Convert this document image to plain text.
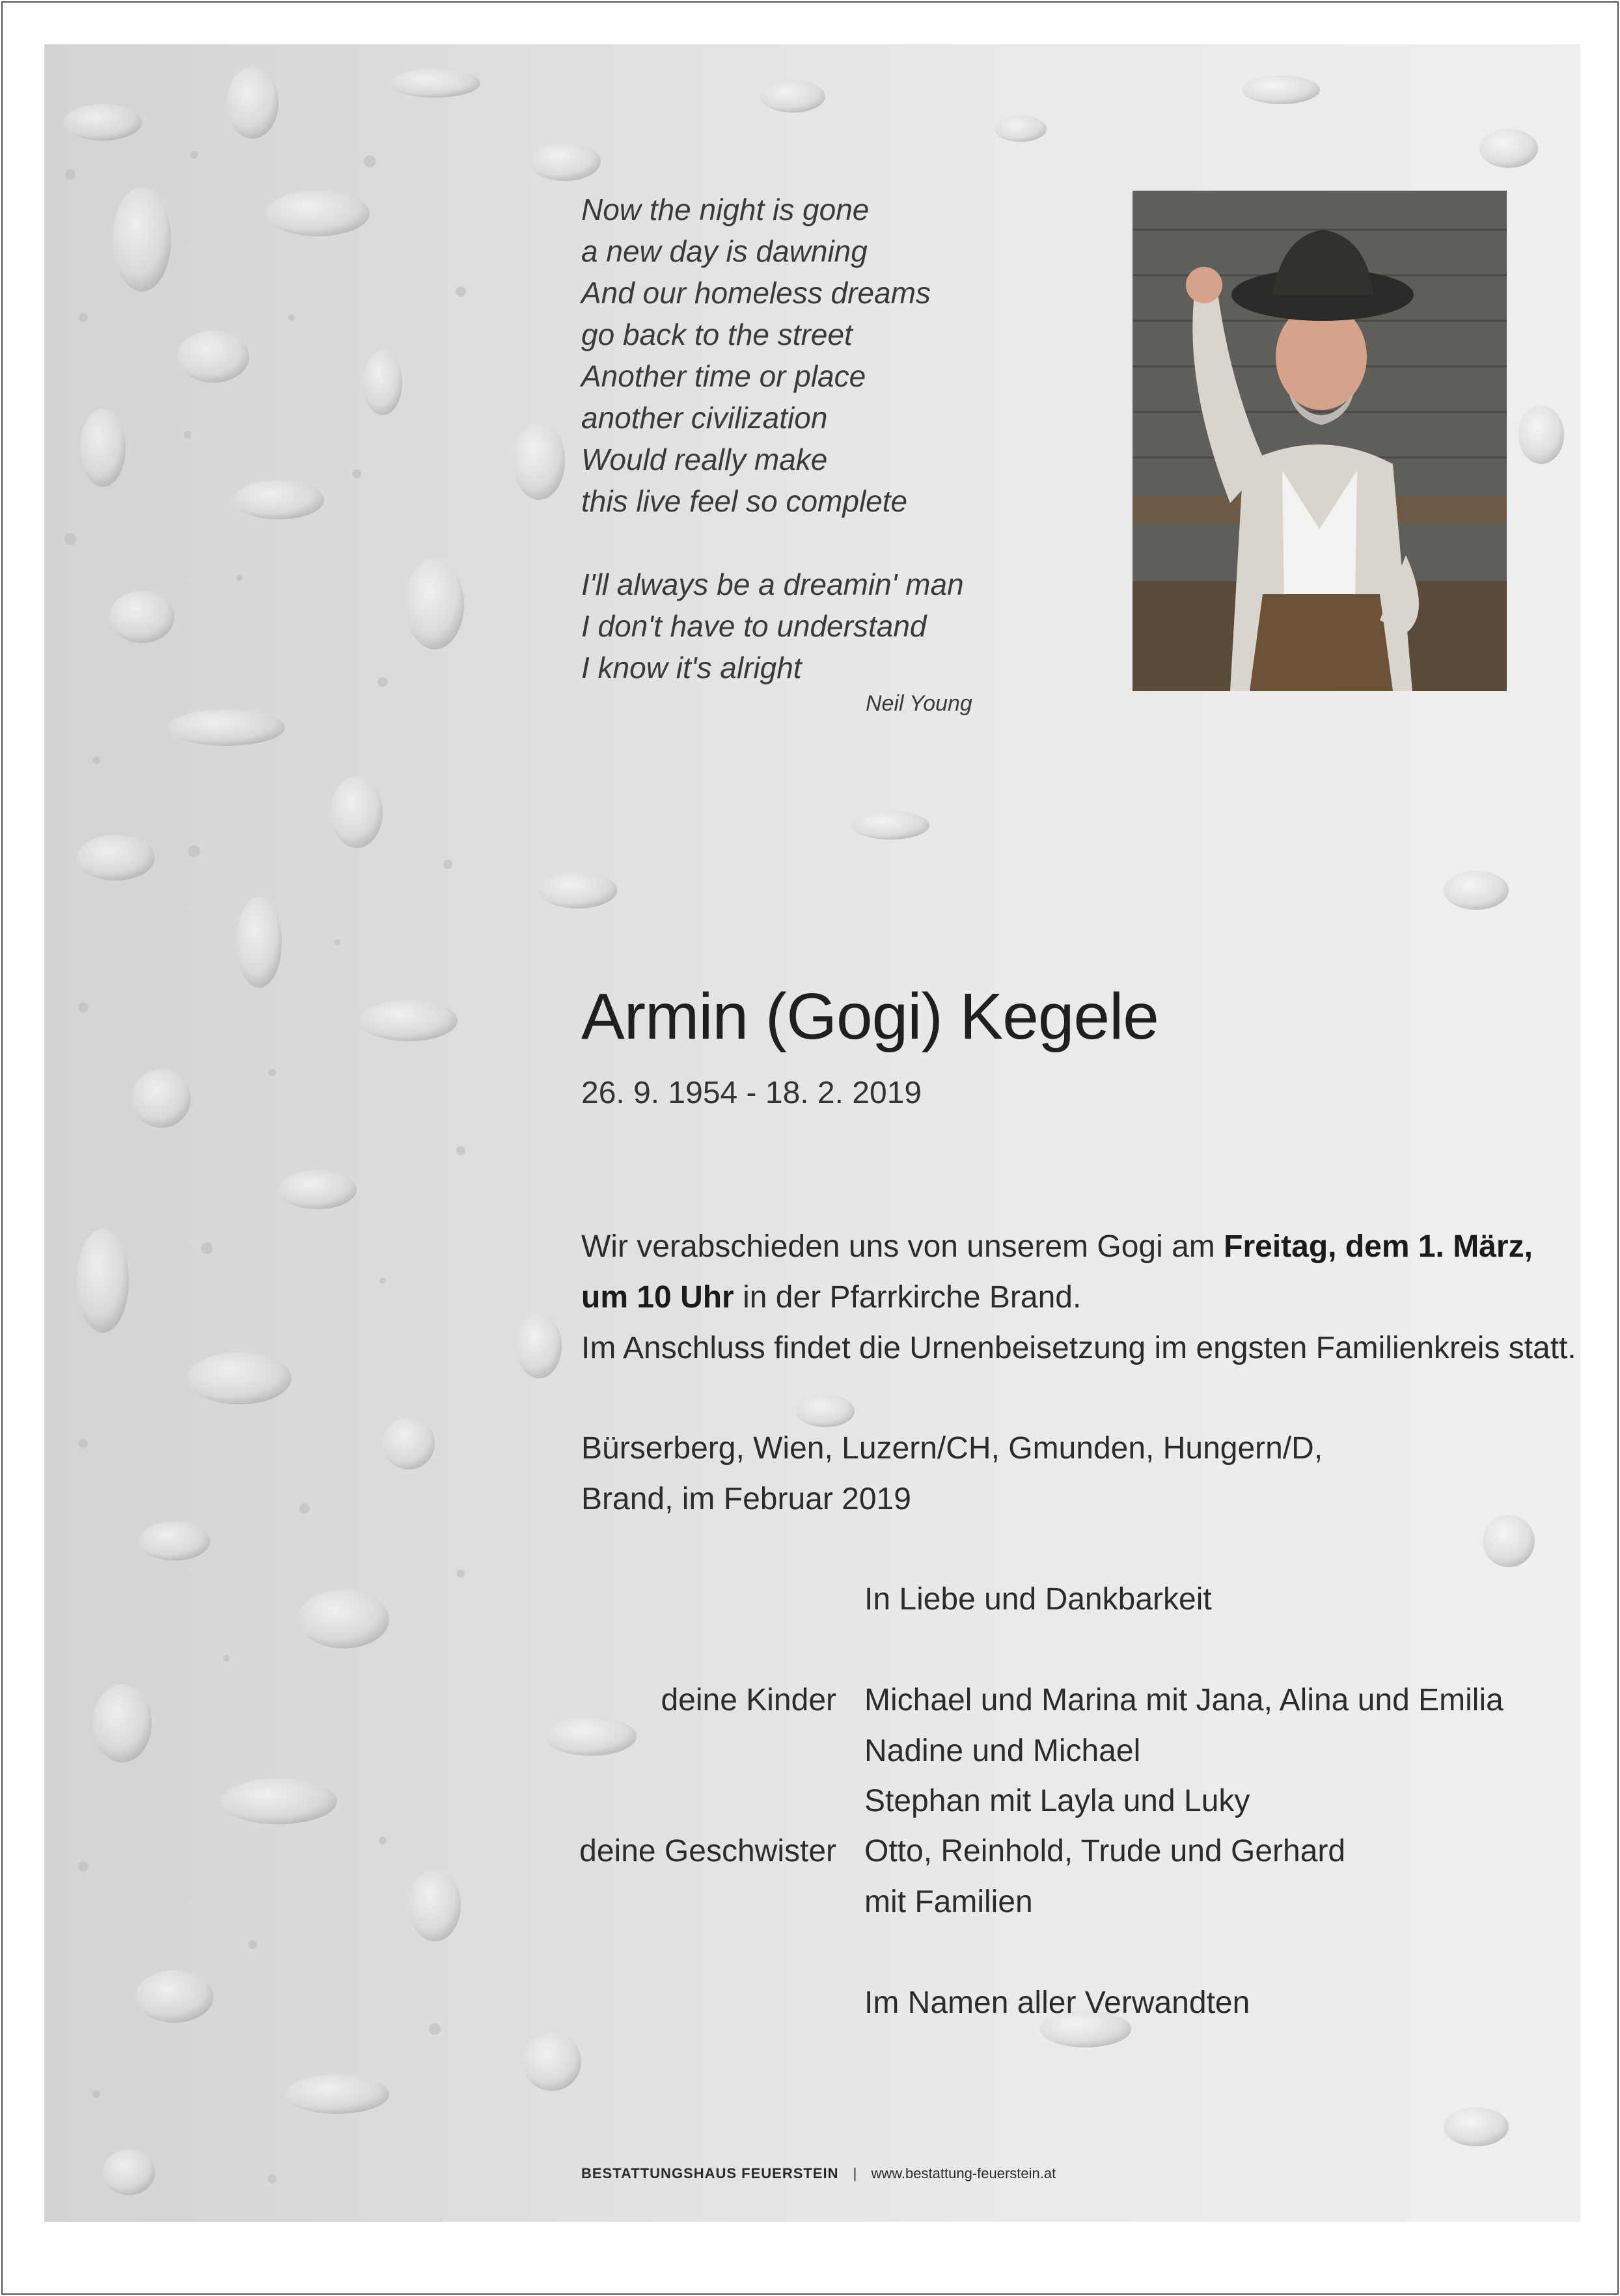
Now the night is gone
a new day is dawning
And our homeless dreams
go back to the street
Another time or place
another civilization
Would really make
this live feel so complete
I'll always be a dreamin' man
I don't have to understand
I know it's alright
Neil Young
Armin (Gogi) Kegele
26. 9. 1954 - 18. 2. 2019
Wir verabschieden uns von unserem Gogi am Freitag, dem 1. März,
um 10 Uhr in der Pfarrkirche Brand.
Im Anschluss findet die Urnenbeisetzung im engsten Familienkreis statt.
Bürserberg, Wien, Luzern/CH, Gmunden, Hungern/D,
Brand, im Februar 2019
In Liebe und Dankbarkeit
deine Kinder Michael und Marina mit Jana, Alina und Emilia
Nadine und Michael
Stephan mit Layla und Luky
deine Geschwister Otto, Reinhold, Trude und Gerhard
mit Familien
Im Namen aller Verwandten
BESTATTUNGSHAUS FEUERSTEIN | www.bestattung-feuerstein.at
